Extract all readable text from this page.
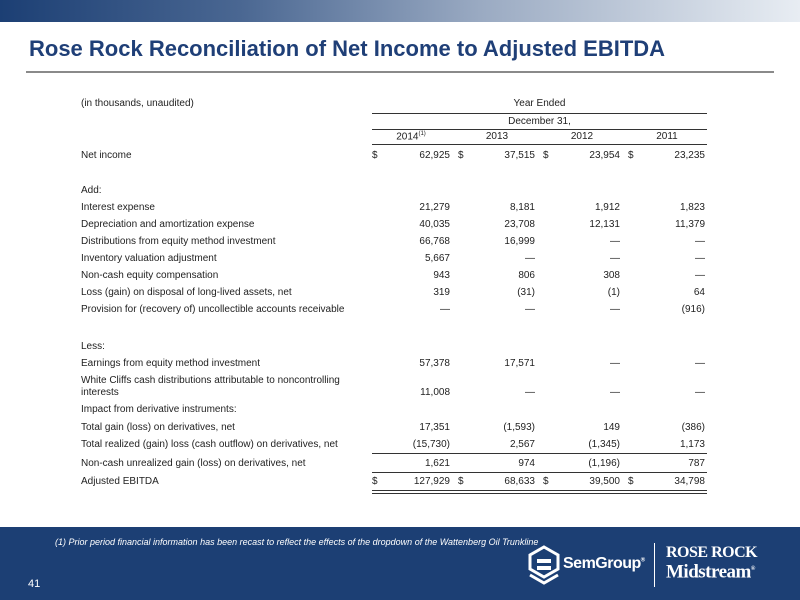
Rose Rock Reconciliation of Net Income to Adjusted EBITDA
(in thousands, unaudited)	Year Ended
December 31,
2014$^{(1)}$	2013	2012	2011
Net income	$	62,925 $	37,515 $	23,954 $	23,235
Add:
Interest expense	21,279	8,181	1,912	1,823
Depreciation and amortization expense	40,035	23,708	12,131	11,379
Distributions from equity method investment	66,768	16,999	—	—
Inventory valuation adjustment	5,667	—	—	—
Non-cash equity compensation	943	806	308	—
Loss (gain) on disposal of long-lived assets, net	319	(31)	(1)	64
Provision for (recovery of) uncollectible accounts receivable	—	—	—	(916)
Less:
Earnings from equity method investment	57,378	17,571	—	—
White Cliffs cash distributions attributable to noncontrolling
interests	11,008	—	—	—
Impact from derivative instruments:
Total gain (loss) on derivatives, net	17,351	(1,593)	149	(386)
Total realized (gain) loss (cash outflow) on derivatives, net	(15,730)	2,567	(1,345)	1,173
Non-cash unrealized gain (loss) on derivatives, net	1,621	974	(1,196)	787
Adjusted EBITDA	$	127,929 $	68,633 $	39,500 $	34,798
(1) Prior period financial information has been recast to reflect the effects of the dropdown of the Wattenberg Oil Trunkline
41
SemGroup® ROSE ROCK
Midstream®
